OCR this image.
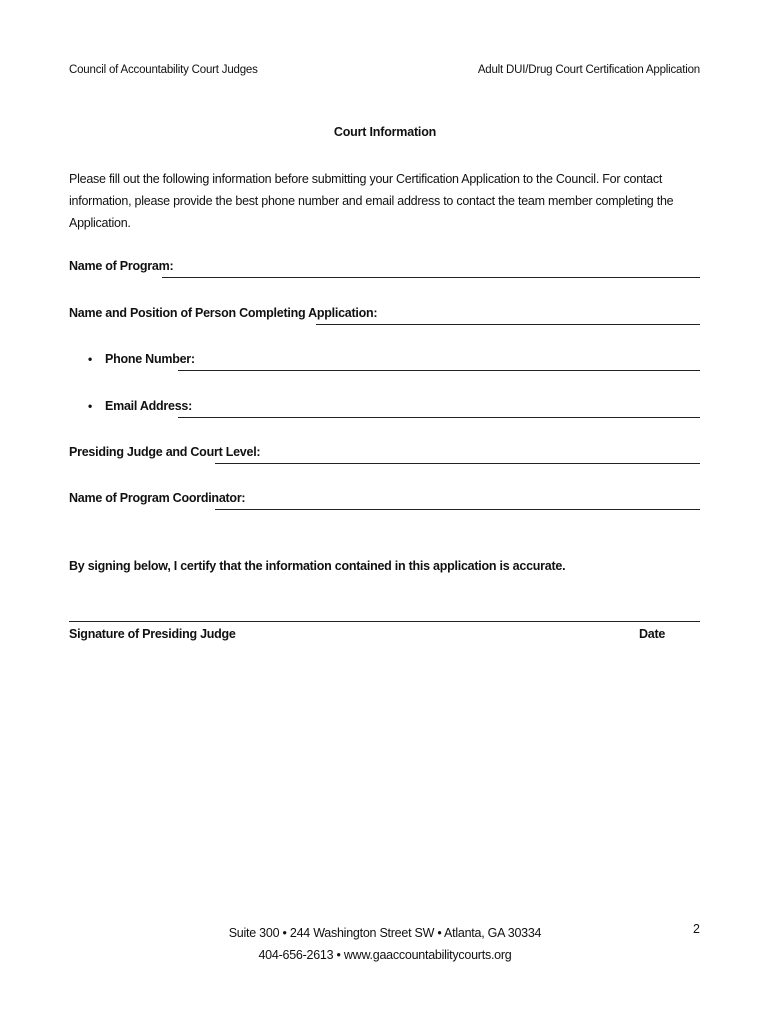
Council of Accountability Court Judges	Adult DUI/Drug Court Certification Application
Court Information
Please fill out the following information before submitting your Certification Application to the Council. For contact information, please provide the best phone number and email address to contact the team member completing the Application.
Name of Program:
Name and Position of Person Completing Application:
• Phone Number:
• Email Address:
Presiding Judge and Court Level:
Name of Program Coordinator:
By signing below, I certify that the information contained in this application is accurate.
Signature of Presiding Judge	Date
Suite 300 • 244 Washington Street SW • Atlanta, GA 30334
404-656-2613 • www.gaaccountabilitycourts.org
2
